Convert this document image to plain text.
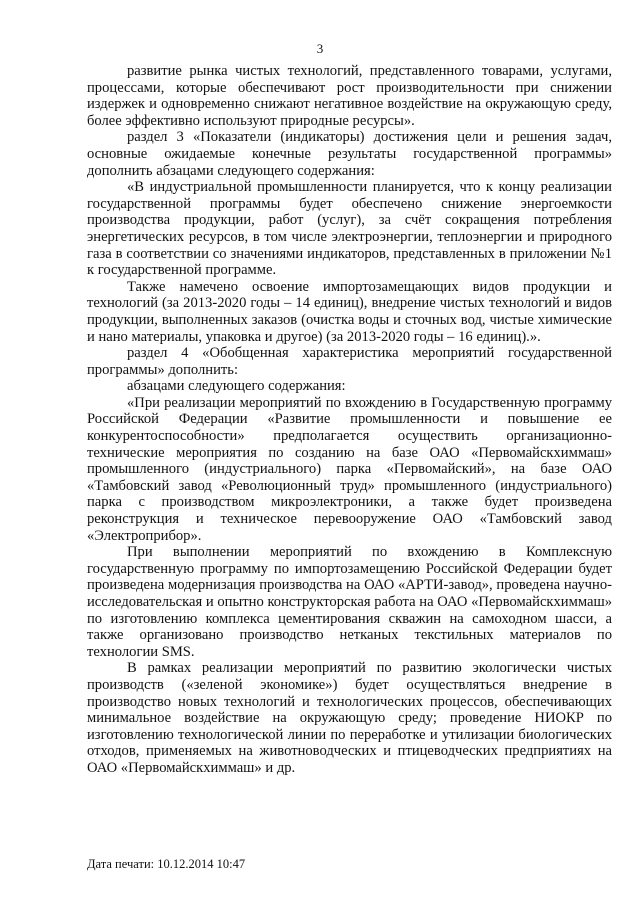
3

развитие рынка чистых технологий, представленного товарами, услугами, процессами, которые обеспечивают рост производительности при снижении издержек и одновременно снижают негативное воздействие на окружающую среду, более эффективно используют природные ресурсы».

раздел 3 «Показатели (индикаторы) достижения цели и решения задач, основные ожидаемые конечные результаты государственной программы» дополнить абзацами следующего содержания:

«В индустриальной промышленности планируется, что к концу реализации государственной программы будет обеспечено снижение энергоемкости производства продукции, работ (услуг), за счёт сокращения потребления энергетических ресурсов, в том числе электроэнергии, теплоэнергии и природного газа в соответствии со значениями индикаторов, представленных в приложении №1 к государственной программе.

Также намечено освоение импортозамещающих видов продукции и технологий (за 2013-2020 годы – 14 единиц), внедрение чистых технологий и видов продукции, выполненных заказов (очистка воды и сточных вод, чистые химические и нано материалы, упаковка и другое) (за 2013-2020 годы – 16 единиц).».

раздел 4 «Обобщенная характеристика мероприятий государственной программы» дополнить:

абзацами следующего содержания:

«При реализации мероприятий по вхождению в Государственную программу Российской Федерации «Развитие промышленности и повышение ее конкурентоспособности» предполагается осуществить организационно-технические мероприятия по созданию на базе ОАО «Первомайскхиммаш» промышленного (индустриального) парка «Первомайский», на базе ОАО «Тамбовский завод «Революционный труд» промышленного (индустриального) парка с производством микроэлектроники, а также будет произведена реконструкция и техническое перевооружение ОАО «Тамбовский завод «Электроприбор».

При выполнении мероприятий по вхождению в Комплексную государственную программу по импортозамещению Российской Федерации будет произведена модернизация производства на ОАО «АРТИ-завод», проведена научно-исследовательская и опытно конструкторская работа на ОАО «Первомайскхиммаш» по изготовлению комплекса цементирования скважин на самоходном шасси, а также организовано производство нетканых текстильных материалов по технологии SMS.

В рамках реализации мероприятий по развитию экологически чистых производств («зеленой экономике») будет осуществляться внедрение в производство новых технологий и технологических процессов, обеспечивающих минимальное воздействие на окружающую среду; проведение НИОКР по изготовлению технологической линии по переработке и утилизации биологических отходов, применяемых на животноводческих и птицеводческих предприятиях на ОАО «Первомайскхиммаш» и др.

Дата печати: 10.12.2014 10:47
